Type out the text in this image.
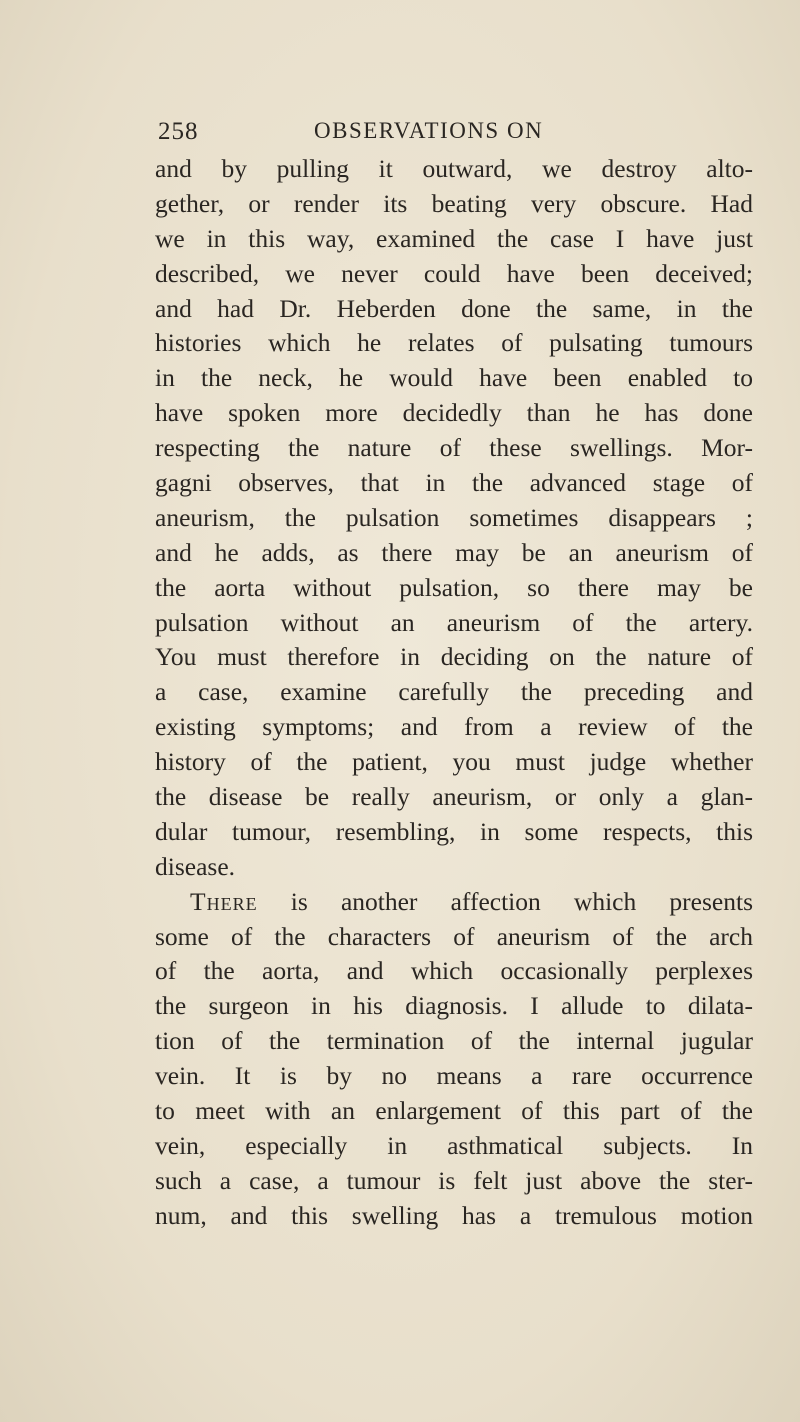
258	OBSERVATIONS ON
and by pulling it outward, we destroy alto-
gether, or render its beating very obscure. Had
we in this way, examined the case I have just
described, we never could have been deceived;
and had Dr. Heberden done the same, in the
histories which he relates of pulsating tumours
in the neck, he would have been enabled to
have spoken more decidedly than he has done
respecting the nature of these swellings. Mor-
gagni observes, that in the advanced stage of
aneurism, the pulsation sometimes disappears ;
and he adds, as there may be an aneurism of
the aorta without pulsation, so there may be
pulsation without an aneurism of the artery.
You must therefore in deciding on the nature of
a case, examine carefully the preceding and
existing symptoms; and from a review of the
history of the patient, you must judge whether
the disease be really aneurism, or only a glan-
dular tumour, resembling, in some respects, this
disease.
There is another affection which presents
some of the characters of aneurism of the arch
of the aorta, and which occasionally perplexes
the surgeon in his diagnosis. I allude to dilata-
tion of the termination of the internal jugular
vein. It is by no means a rare occurrence
to meet with an enlargement of this part of the
vein, especially in asthmatical subjects. In
such a case, a tumour is felt just above the ster-
num, and this swelling has a tremulous motion
